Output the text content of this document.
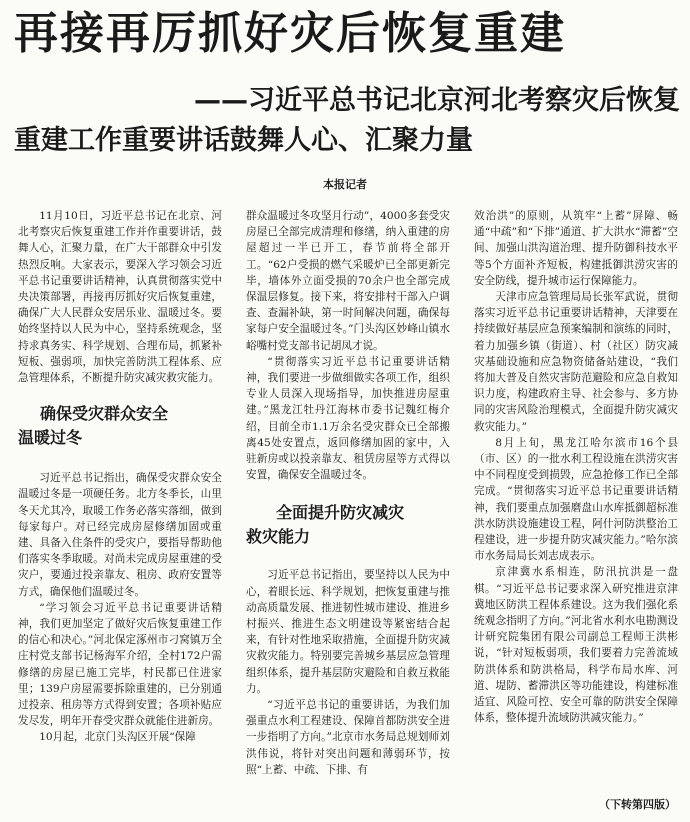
再接再厉抓好灾后恢复重建
——习近平总书记北京河北考察灾后恢复
重建工作重要讲话鼓舞人心、汇聚力量
本报记者

11月10日，习近平总书记在北京、河北考察灾后恢复重建工作并作重要讲话，鼓舞人心，汇聚力量，在广大干部群众中引发热烈反响。大家表示，要深入学习领会习近平总书记重要讲话精神，认真贯彻落实党中央决策部署，再接再厉抓好灾后恢复重建，确保广大人民群众安居乐业、温暖过冬。要始终坚持以人民为中心，坚持系统观念，坚持求真务实、科学规划、合理布局，抓紧补短板、强弱项，加快完善防洪工程体系、应急管理体系，不断提升防灾减灾救灾能力。

确保受灾群众安全
温暖过冬

习近平总书记指出，确保受灾群众安全温暖过冬是一项硬任务。北方冬季长，山里冬天尤其冷，取暖工作务必落实落细，做到每家每户。对已经完成房屋修缮加固或重建、具备入住条件的受灾户，要指导帮助他们落实冬季取暖。对尚未完成房屋重建的受灾户，要通过投亲靠友、租房、政府安置等方式，确保他们温暖过冬。

“学习领会习近平总书记重要讲话精神，我们更加坚定了做好灾后恢复重建工作的信心和决心。”河北保定涿州市刁窝镇万全庄村党支部书记杨海军介绍，全村172户需修缮的房屋已施工完毕，村民都已住进家里；139户房屋需要拆除重建的，已分别通过投亲、租房等方式得到安置；各项补贴应发尽发，明年开春受灾群众就能住进新房。

10月起，北京门头沟区开展“保障

群众温暖过冬攻坚月行动”，4000多套受灾房屋已全部完成清理和修缮，纳入重建的房屋超过一半已开工，春节前将全部开工。“62户受损的燃气采暖炉已全部更新完毕，墙体外立面受损的70余户也全部完成保温层修复。接下来，将安排村干部入户调查、查漏补缺，第一时间解决问题，确保每家每户安全温暖过冬。”门头沟区妙峰山镇水峪嘴村党支部书记胡凤才说。

“贯彻落实习近平总书记重要讲话精神，我们要进一步做细做实各项工作，组织专业人员深入现场指导，加快推进房屋重建。”黑龙江牡丹江海林市委书记魏红梅介绍，目前全市1.1万余名受灾群众已全部搬离45处安置点，返回修缮加固的家中，入驻新房或以投亲靠友、租赁房屋等方式得以安置，确保安全温暖过冬。

全面提升防灾减灾
救灾能力

习近平总书记指出，要坚持以人民为中心，着眼长远、科学规划，把恢复重建与推动高质量发展、推进韧性城市建设、推进乡村振兴、推进生态文明建设等紧密结合起来，有针对性地采取措施，全面提升防灾减灾救灾能力。特别要完善城乡基层应急管理组织体系，提升基层防灾避险和自救互救能力。

“习近平总书记的重要讲话，为我们加强重点水利工程建设、保障首都防洪安全进一步指明了方向。”北京市水务局总规划师刘洪伟说，将针对突出问题和薄弱环节，按照“上蓄、中疏、下排、有

效治洪”的原则，从筑牢“上蓄”屏障、畅通“中疏”和“下排”通道、扩大洪水“滞蓄”空间、加强山洪沟道治理、提升防御科技水平等5个方面补齐短板，构建抵御洪涝灾害的安全防线，提升城市运行保障能力。

天津市应急管理局局长张军武说，贯彻落实习近平总书记重要讲话精神，天津要在持续做好基层应急预案编制和演练的同时，着力加强乡镇（街道）、村（社区）防灾减灾基础设施和应急物资储备站建设，“我们将加大普及自然灾害防范避险和应急自救知识力度，构建政府主导、社会参与、多方协同的灾害风险治理模式，全面提升防灾减灾救灾能力。”

8月上旬，黑龙江哈尔滨市16个县（市、区）的一批水利工程设施在洪涝灾害中不同程度受到损毁，应急抢修工作已全部完成。“贯彻落实习近平总书记重要讲话精神，我们要重点加强磨盘山水库抵御超标准洪水防洪设施建设工程，阿什河防洪整治工程建设，进一步提升防灾减灾能力。”哈尔滨市水务局局长刘志成表示。

京津冀水系相连，防汛抗洪是一盘棋。“习近平总书记要求深入研究推进京津冀地区防洪工程体系建设。这为我们强化系统观念指明了方向。”河北省水利水电勘测设计研究院集团有限公司副总工程师王洪彬说，“针对短板弱项，我们要着力完善流域防洪体系和防洪格局，科学布局水库、河道、堤防、蓄滞洪区等功能建设，构建标准适宜、风险可控、安全可靠的防洪安全保障体系，整体提升流域防洪减灾能力。”

（下转第四版）
